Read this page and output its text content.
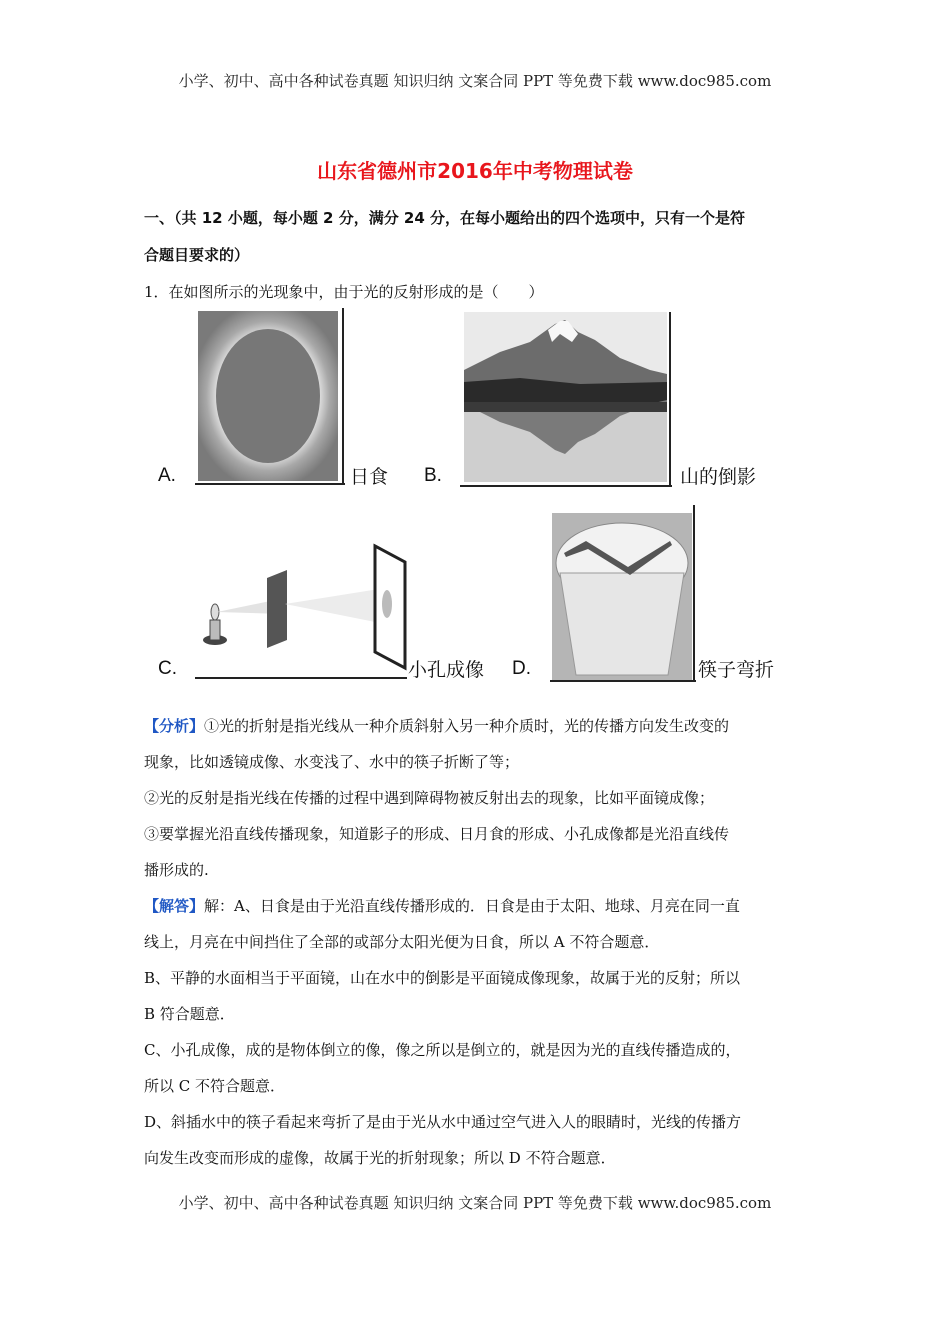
小学、初中、高中各种试卷真题 知识归纳 文案合同 PPT 等免费下载 www.doc985.com
山东省德州市2016年中考物理试卷
一、（共 12 小题，每小题 2 分，满分 24 分，在每小题给出的四个选项中，只有一个是符
合题目要求的）
1．在如图所示的光现象中，由于光的反射形成的是（　　）
A.	日食 B.	山的倒影
C.	小孔成像 D.	筷子弯折
【分析】①光的折射是指光线从一种介质斜射入另一种介质时，光的传播方向发生改变的
现象，比如透镜成像、水变浅了、水中的筷子折断了等；
②光的反射是指光线在传播的过程中遇到障碍物被反射出去的现象，比如平面镜成像；
③要掌握光沿直线传播现象，知道影子的形成、日月食的形成、小孔成像都是光沿直线传
播形成的.
【解答】解：A、日食是由于光沿直线传播形成的．日食是由于太阳、地球、月亮在同一直
线上，月亮在中间挡住了全部的或部分太阳光便为日食，所以 A 不符合题意．
B、平静的水面相当于平面镜，山在水中的倒影是平面镜成像现象，故属于光的反射；所以
B 符合题意．
C、小孔成像，成的是物体倒立的像，像之所以是倒立的，就是因为光的直线传播造成的，
所以 C 不符合题意．
D、斜插水中的筷子看起来弯折了是由于光从水中通过空气进入人的眼睛时，光线的传播方
向发生改变而形成的虚像，故属于光的折射现象；所以 D 不符合题意．
小学、初中、高中各种试卷真题 知识归纳 文案合同 PPT 等免费下载 www.doc985.com
